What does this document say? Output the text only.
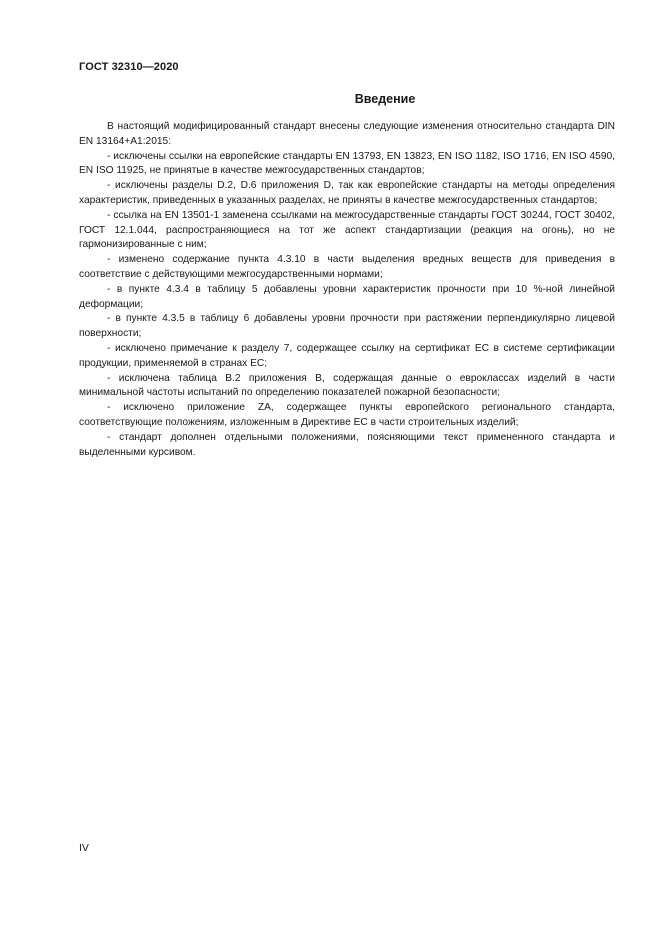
ГОСТ 32310—2020
Введение

В настоящий модифицированный стандарт внесены следующие изменения относительно стандарта DIN EN 13164+A1:2015:

- исключены ссылки на европейские стандарты EN 13793, EN 13823, EN ISO 1182, ISO 1716, EN ISO 4590, EN ISO 11925, не принятые в качестве межгосударственных стандартов;

- исключены разделы D.2, D.6 приложения D, так как европейские стандарты на методы определения характеристик, приведенных в указанных разделах, не приняты в качестве межгосударственных стандартов;

- ссылка на EN 13501-1 заменена ссылками на межгосударственные стандарты ГОСТ 30244, ГОСТ 30402, ГОСТ 12.1.044, распространяющиеся на тот же аспект стандартизации (реакция на огонь), но не гармонизированные с ним;

- изменено содержание пункта 4.3.10 в части выделения вредных веществ для приведения в соответствие с действующими межгосударственными нормами;

- в пункте 4.3.4 в таблицу 5 добавлены уровни характеристик прочности при 10 %-ной линейной деформации;

- в пункте 4.3.5 в таблицу 6 добавлены уровни прочности при растяжении перпендикулярно лицевой поверхности;

- исключено примечание к разделу 7, содержащее ссылку на сертификат ЕС в системе сертификации продукции, применяемой в странах ЕС;

- исключена таблица В.2 приложения В, содержащая данные о евроклассах изделий в части минимальной частоты испытаний по определению показателей пожарной безопасности;

- исключено приложение ZA, содержащее пункты европейского регионального стандарта, соответствующие положениям, изложенным в Директиве ЕС в части строительных изделий;

- стандарт дополнен отдельными положениями, поясняющими текст примененного стандарта и выделенными курсивом.

IV
